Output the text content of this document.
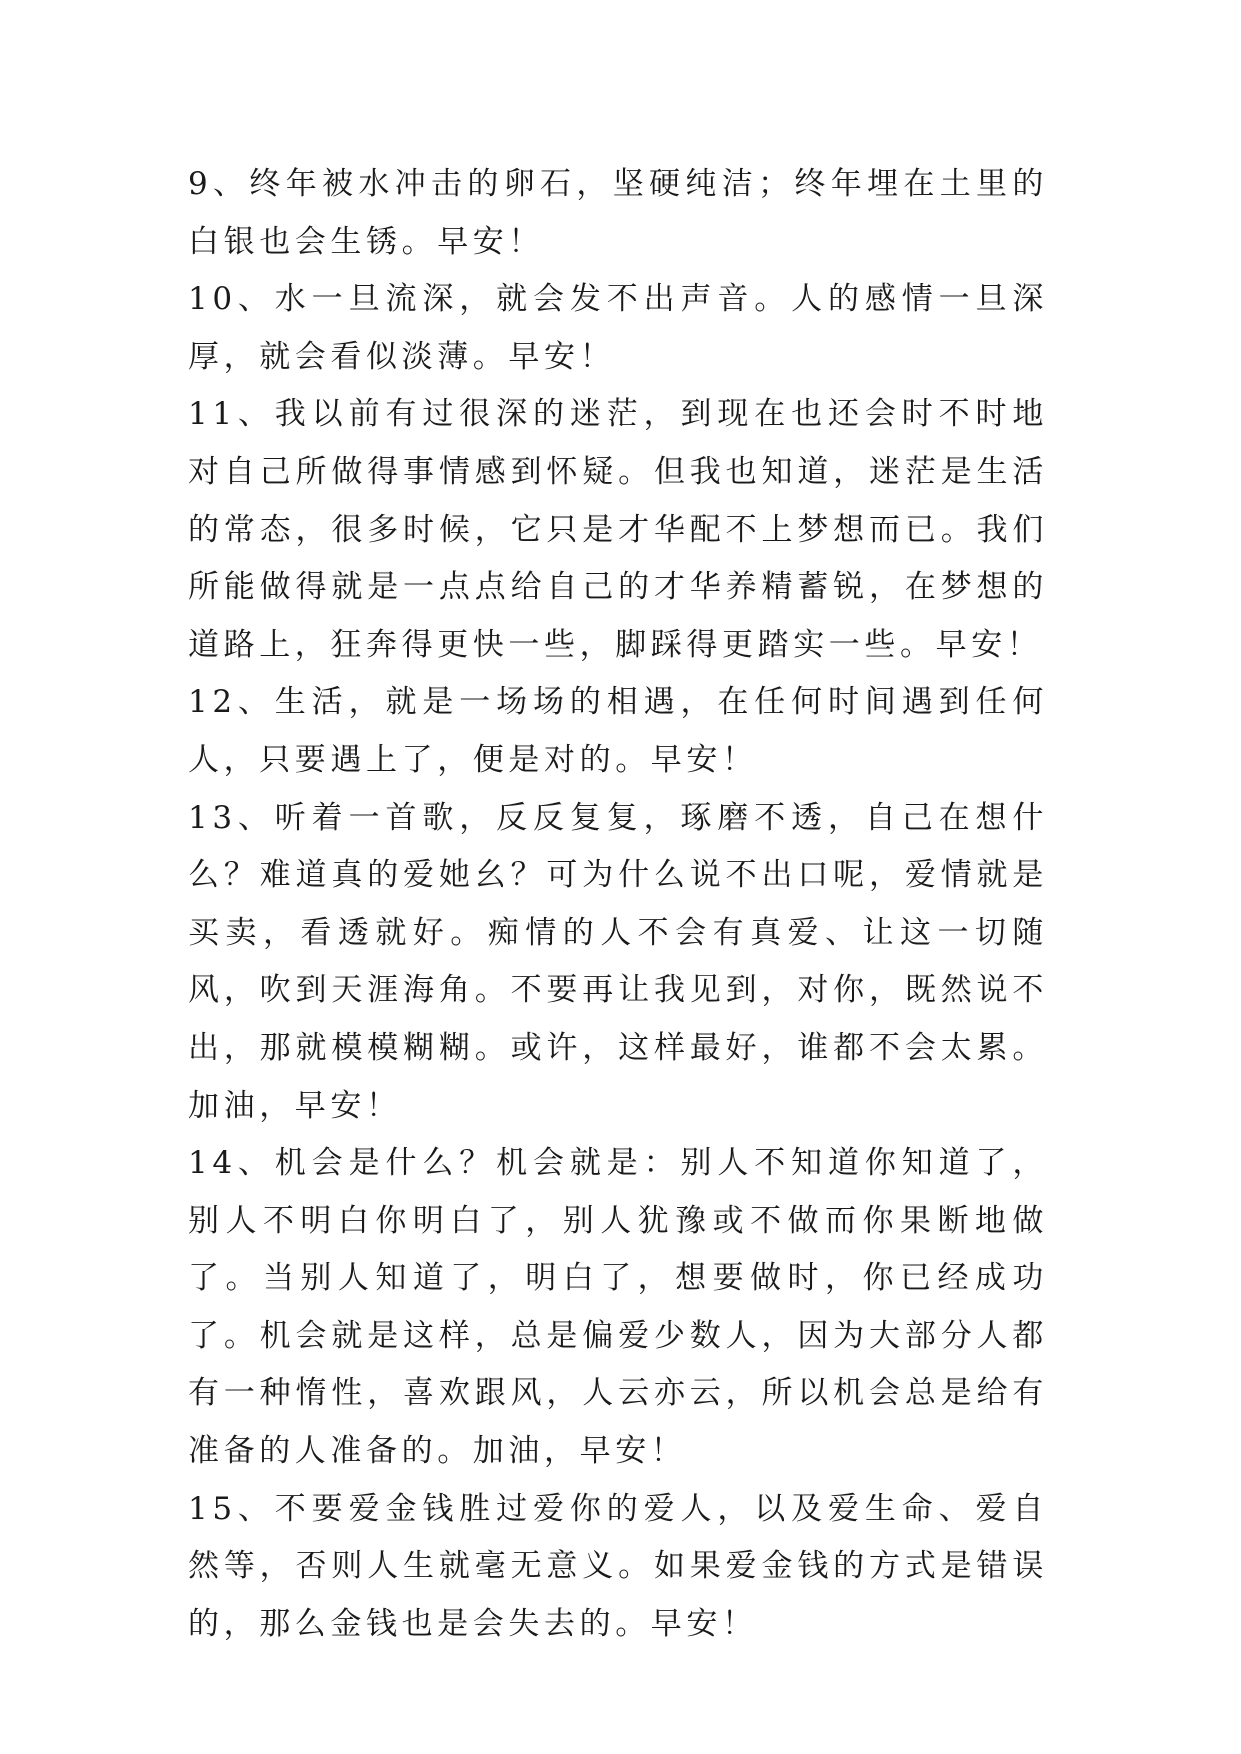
9、终年被水冲击的卵石，坚硬纯洁；终年埋在土里的白银也会生锈。早安！

10、水一旦流深，就会发不出声音。人的感情一旦深厚，就会看似淡薄。早安！

11、我以前有过很深的迷茫，到现在也还会时不时地对自己所做得事情感到怀疑。但我也知道，迷茫是生活的常态，很多时候，它只是才华配不上梦想而已。我们所能做得就是一点点给自己的才华养精蓄锐，在梦想的道路上，狂奔得更快一些，脚踩得更踏实一些。早安！

12、生活，就是一场场的相遇，在任何时间遇到任何人，只要遇上了，便是对的。早安！

13、听着一首歌，反反复复，琢磨不透，自己在想什么？难道真的爱她幺？可为什么说不出口呢，爱情就是买卖，看透就好。痴情的人不会有真爱、让这一切随风，吹到天涯海角。不要再让我见到，对你，既然说不出，那就模模糊糊。或许，这样最好，谁都不会太累。加油，早安！

14、机会是什么？机会就是：别人不知道你知道了，别人不明白你明白了，别人犹豫或不做而你果断地做了。当别人知道了，明白了，想要做时，你已经成功了。机会就是这样，总是偏爱少数人，因为大部分人都有一种惰性，喜欢跟风，人云亦云，所以机会总是给有准备的人准备的。加油，早安！

15、不要爱金钱胜过爱你的爱人，以及爱生命、爱自然等，否则人生就毫无意义。如果爱金钱的方式是错误的，那么金钱也是会失去的。早安！
